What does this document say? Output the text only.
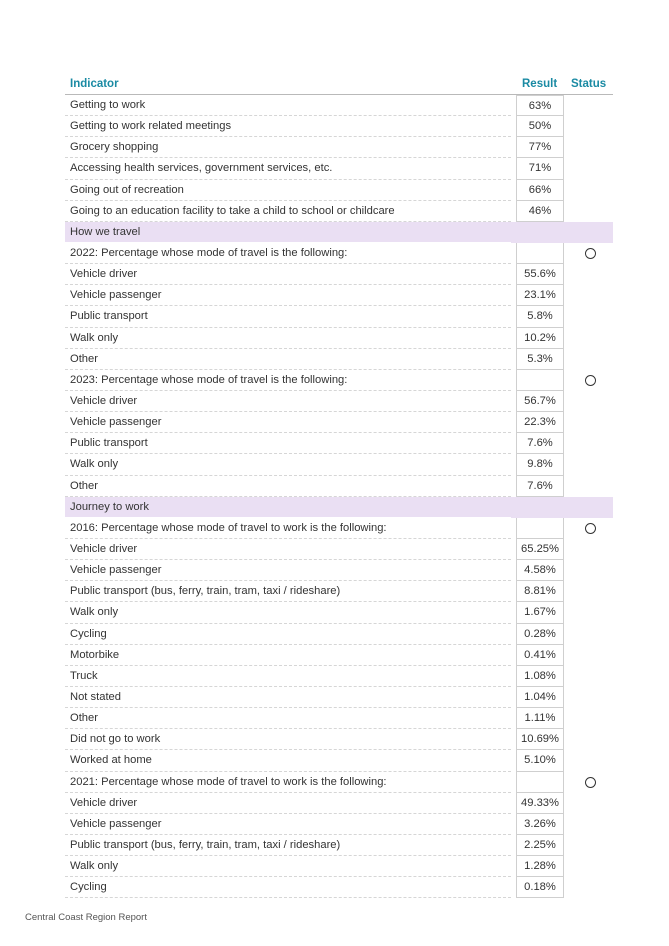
Indicator	Result Status
Getting to work	63%
Getting to work related meetings	50%
Grocery shopping	77%
Accessing health services, government services, etc.	71%
Going out of recreation	66%
Going to an education facility to take a child to school or childcare	46%
How we travel
2022: Percentage whose mode of travel is the following:
Vehicle driver	55.6%
Vehicle passenger	23.1%
Public transport	5.8%
Walk only	10.2%
Other	5.3%
2023: Percentage whose mode of travel is the following:
Vehicle driver	56.7%
Vehicle passenger	22.3%
Public transport	7.6%
Walk only	9.8%
Other	7.6%
Journey to work
2016: Percentage whose mode of travel to work is the following:
Vehicle driver	65.25%
Vehicle passenger	4.58%
Public transport (bus, ferry, train, tram, taxi / rideshare)	8.81%
Walk only	1.67%
Cycling	0.28%
Motorbike	0.41%
Truck	1.08%
Not stated	1.04%
Other	1.11%
Did not go to work	10.69%
Worked at home	5.10%
2021: Percentage whose mode of travel to work is the following:
Vehicle driver	49.33%
Vehicle passenger	3.26%
Public transport (bus, ferry, train, tram, taxi / rideshare)	2.25%
Walk only	1.28%
Cycling	0.18%
Central Coast Region Report
